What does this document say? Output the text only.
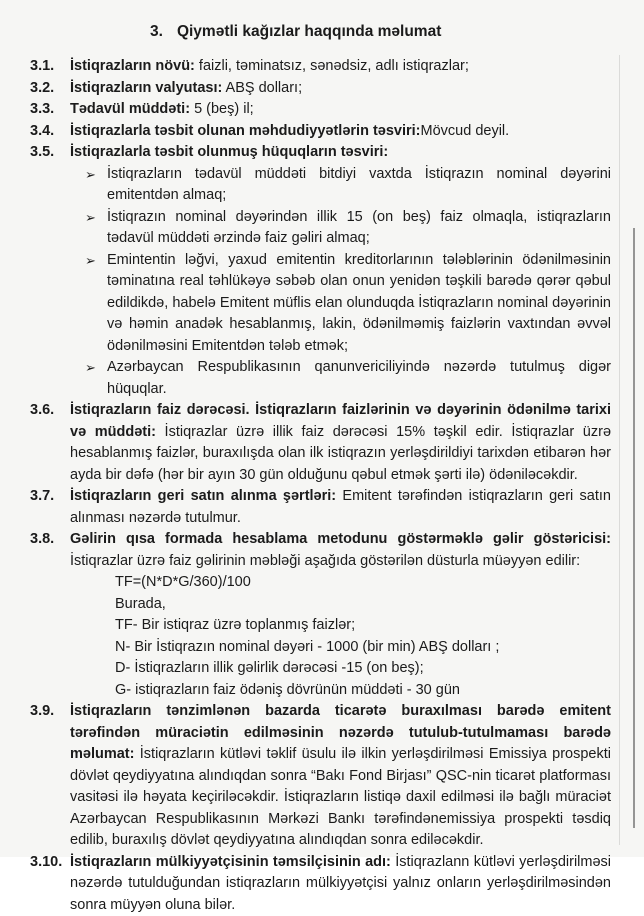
3. Qiymətli kağızlar haqqında məlumat
3.1.	İstiqrazların növü: faizli, təminatsız, sənədsiz, adlı istiqrazlar;

3.2.	İstiqrazların valyutası: ABŞ dolları;

3.3.	Tədavül müddəti: 5 (beş) il;

3.4.	İstiqrazlarla təsbit olunan məhdudiyyətlərin təsviri:Mövcud deyil.

3.5.	İstiqrazlarla təsbit olunmuş hüquqların təsviri:

➢ İstiqrazların tədavül müddəti bitdiyi vaxtda İstiqrazın nominal dəyərini emitentdən almaq;
➢ İstiqrazın nominal dəyərindən illik 15 (on beş) faiz olmaqla, istiqrazların tədavül müddəti ərzində faiz gəliri almaq;
➢ Emintentin ləğvi, yaxud emitentin kreditorlarının tələblərinin ödənilməsinin təminatına real təhlükəyə səbəb olan onun yenidən təşkili barədə qərər qəbul edildikdə, habelə Emitent müflis elan olunduqda İstiqrazların nominal dəyərinin və həmin anadək hesablanmış, lakin, ödənilməmiş faizlərin vaxtından əvvəl ödənilməsini Emitentdən tələb etmək;
➢ Azərbaycan Respublikasının qanunvericiliyində nəzərdə tutulmuş digər hüquqlar.
3.6.	İstiqrazların faiz dərəcəsi. İstiqrazların faizlərinin və dəyərinin ödənilmə tarixi və müddəti: İstiqrazlar üzrə illik faiz dərəcəsi 15% təşkil edir. İstiqrazlar üzrə hesablanmış faizlər, buraxılışda olan ilk istiqrazın yerləşdirildiyi tarixdən etibarən hər ayda bir dəfə (hər bir ayın 30 gün olduğunu qəbul etmək şərti ilə) ödəniləcəkdir.

3.7.	İstiqrazların geri satın alınma şərtləri: Emitent tərəfindən istiqrazların geri satın alınması nəzərdə tutulmur.

3.8.	Gəlirin qısa formada hesablama metodunu göstərməklə gəlir göstəricisi: İstiqrazlar üzrə faiz gəlirinin məbləği aşağıda göstərilən düsturla müəyyən edilir:

TF=(N*D*G/360)/100
Burada,
TF- Bir istiqraz üzrə toplanmış faizlər;
N- Bir İstiqrazın nominal dəyəri - 1000 (bir min) ABŞ dolları ;
D- İstiqrazların illik gəlirlik dərəcəsi -15 (on beş);
G- istiqrazların faiz ödəniş dövrünün müddəti - 30 gün
3.9.	İstiqrazların tənzimlənən bazarda ticarətə buraxılması barədə emitent tərəfindən müraciətin edilməsinin nəzərdə tutulub-tutulmaması barədə məlumat: İstiqrazların kütləvi təklif üsulu ilə ilkin yerləşdirilməsi Emissiya prospekti dövlət qeydiyyatına alındıqdan sonra “Bakı Fond Birjası” QSC-nin ticarət platforması vasitəsi ilə həyata keçiriləcəkdir. İstiqrazların listiqə daxil edilməsi ilə bağlı müraciət Azərbaycan Respublikasının Mərkəzi Bankı tərəfindənemissiya prospekti təsdiq edilib, buraxılış dövlət qeydiyyatına alındıqdan sonra ediləcəkdir.

3.10. İstiqrazların mülkiyyətçisinin təmsilçisinin adı: İstiqrazlann kütləvi yerləşdirilməsi nəzərdə tutulduğundan istiqrazların mülkiyyətçisi yalnız onların yerləşdirilməsindən sonra müyyən oluna bilər.
